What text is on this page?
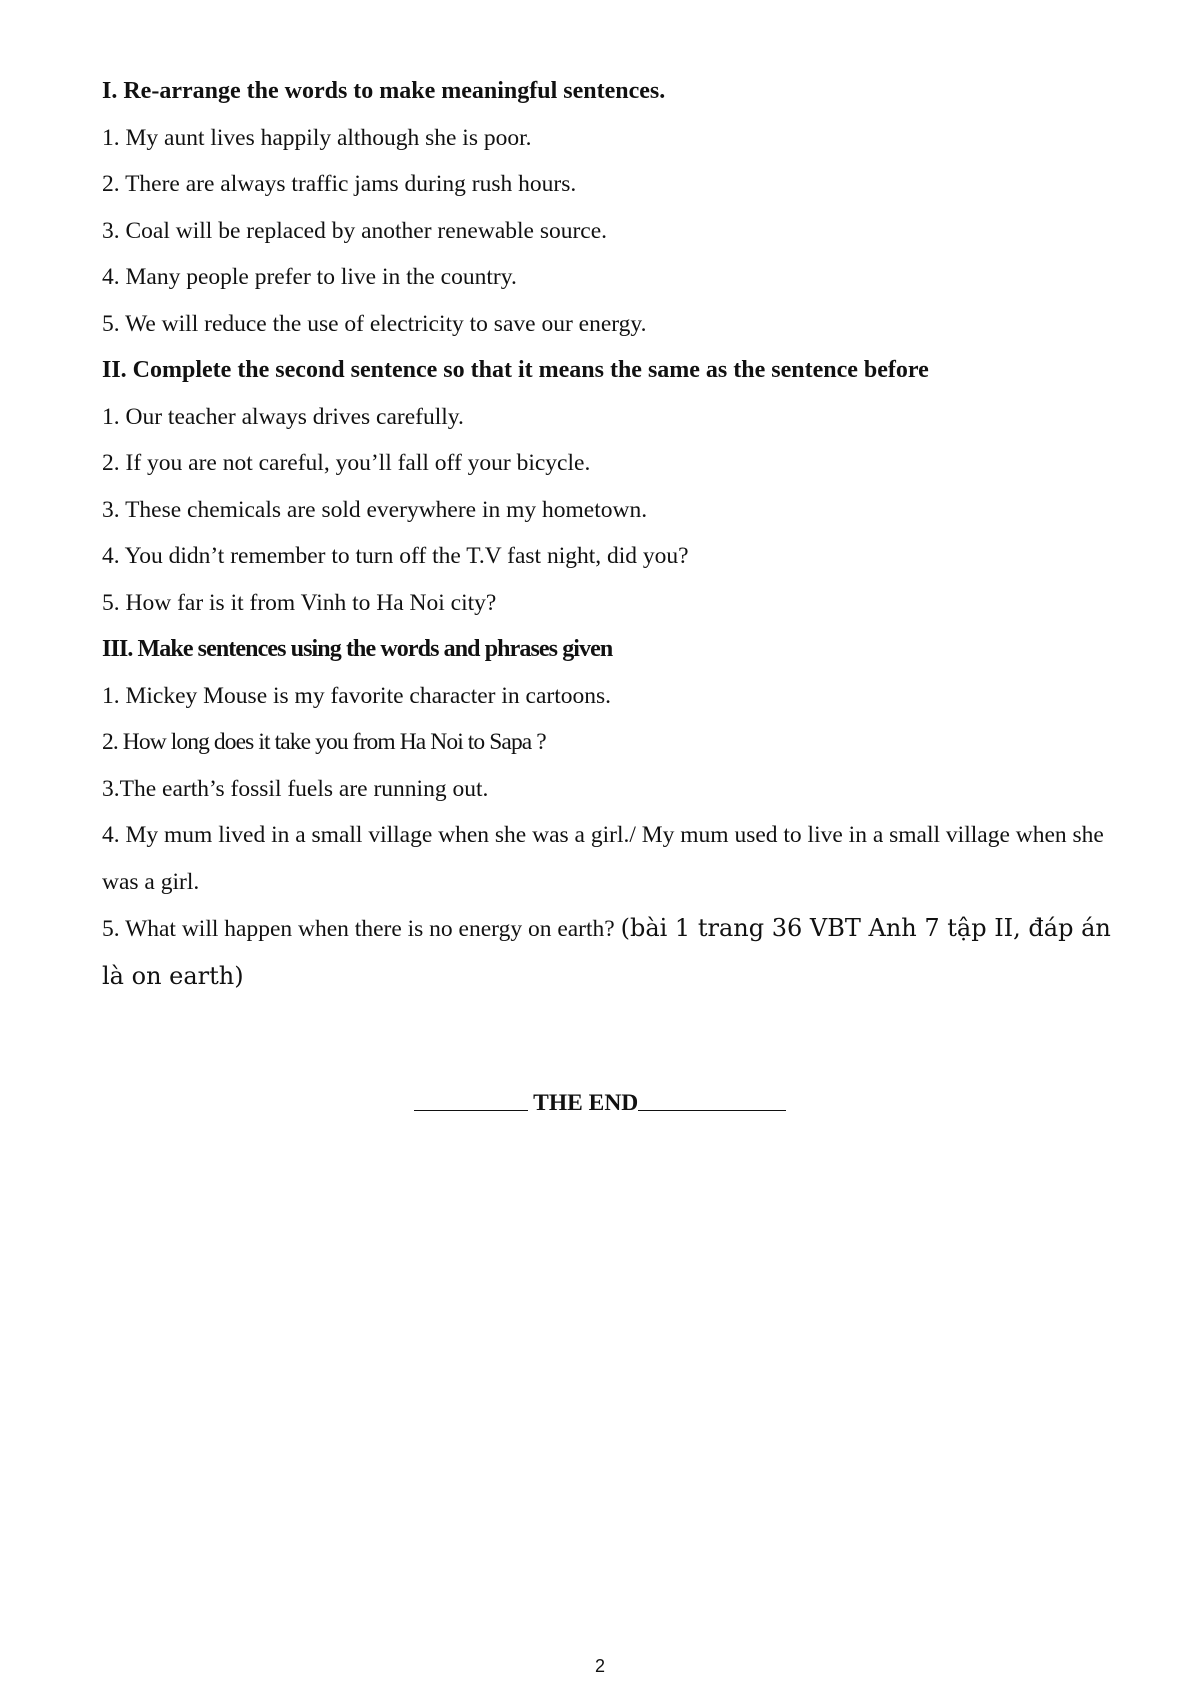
I. Re-arrange the words to make meaningful sentences.
1. My aunt lives happily although she is poor.
2. There are always traffic jams during rush hours.
3. Coal will be replaced by another renewable source.
4. Many people prefer to live in the country.
5. We will reduce the use of electricity to save our energy.
II. Complete the second sentence so that it means the same as the sentence before
1. Our teacher always drives carefully.
2. If you are not careful, you’ll fall off your bicycle.
3. These chemicals are sold everywhere in my hometown.
4. You didn’t remember to turn off the T.V fast night, did you?
5. How far is it from Vinh to Ha Noi city?
III. Make sentences using the words and phrases given
1. Mickey Mouse is my favorite character in cartoons.
2. How long does it take you from Ha Noi to Sapa ?
3.The earth’s fossil fuels are running out.
4. My mum lived in a small village when she was a girl./ My mum used to live in a small village when she was a girl.
5. What will happen when there is no energy on earth? (bài 1 trang 36 VBT Anh 7 tập II, đáp án là on earth)
THE END
2
